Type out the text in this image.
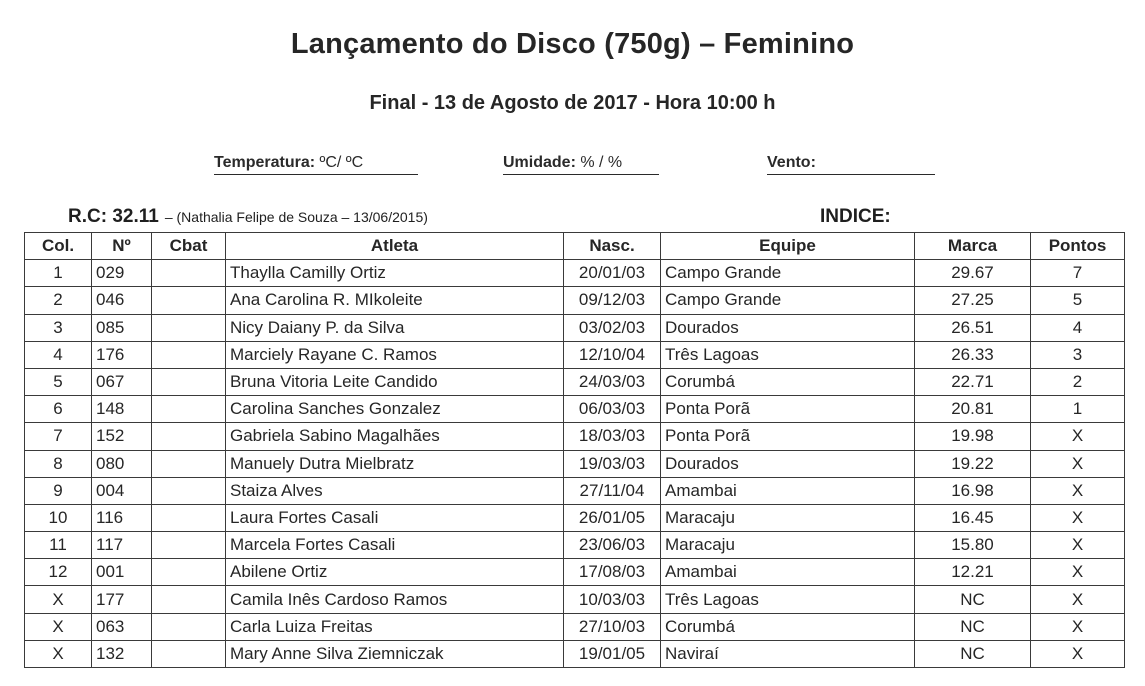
Lançamento do Disco (750g) – Feminino
Final - 13 de Agosto de 2017 - Hora 10:00 h
Temperatura: ºC/ ºC	Umidade: % / %	Vento:
R.C: 32.11 – (Nathalia Felipe de Souza – 13/06/2015)	INDICE:
Col.	Nº	Cbat	Atleta	Nasc.	Equipe	Marca	Pontos
1	029		Thaylla Camilly Ortiz	20/01/03	Campo Grande	29.67	7
2	046		Ana Carolina R. MIkoleite	09/12/03	Campo Grande	27.25	5
3	085		Nicy Daiany P. da Silva	03/02/03	Dourados	26.51	4
4	176		Marciely Rayane C. Ramos	12/10/04	Três Lagoas	26.33	3
5	067		Bruna Vitoria Leite Candido	24/03/03	Corumbá	22.71	2
6	148		Carolina Sanches Gonzalez	06/03/03	Ponta Porã	20.81	1
7	152		Gabriela Sabino Magalhães	18/03/03	Ponta Porã	19.98	X
8	080		Manuely Dutra Mielbratz	19/03/03	Dourados	19.22	X
9	004		Staiza Alves	27/11/04	Amambai	16.98	X
10	116		Laura Fortes Casali	26/01/05	Maracaju	16.45	X
11	117		Marcela Fortes Casali	23/06/03	Maracaju	15.80	X
12	001		Abilene Ortiz	17/08/03	Amambai	12.21	X
X	177		Camila Inês Cardoso Ramos	10/03/03	Três Lagoas	NC	X
X	063		Carla Luiza Freitas	27/10/03	Corumbá	NC	X
X	132		Mary Anne Silva Ziemniczak	19/01/05	Naviraí	NC	X
